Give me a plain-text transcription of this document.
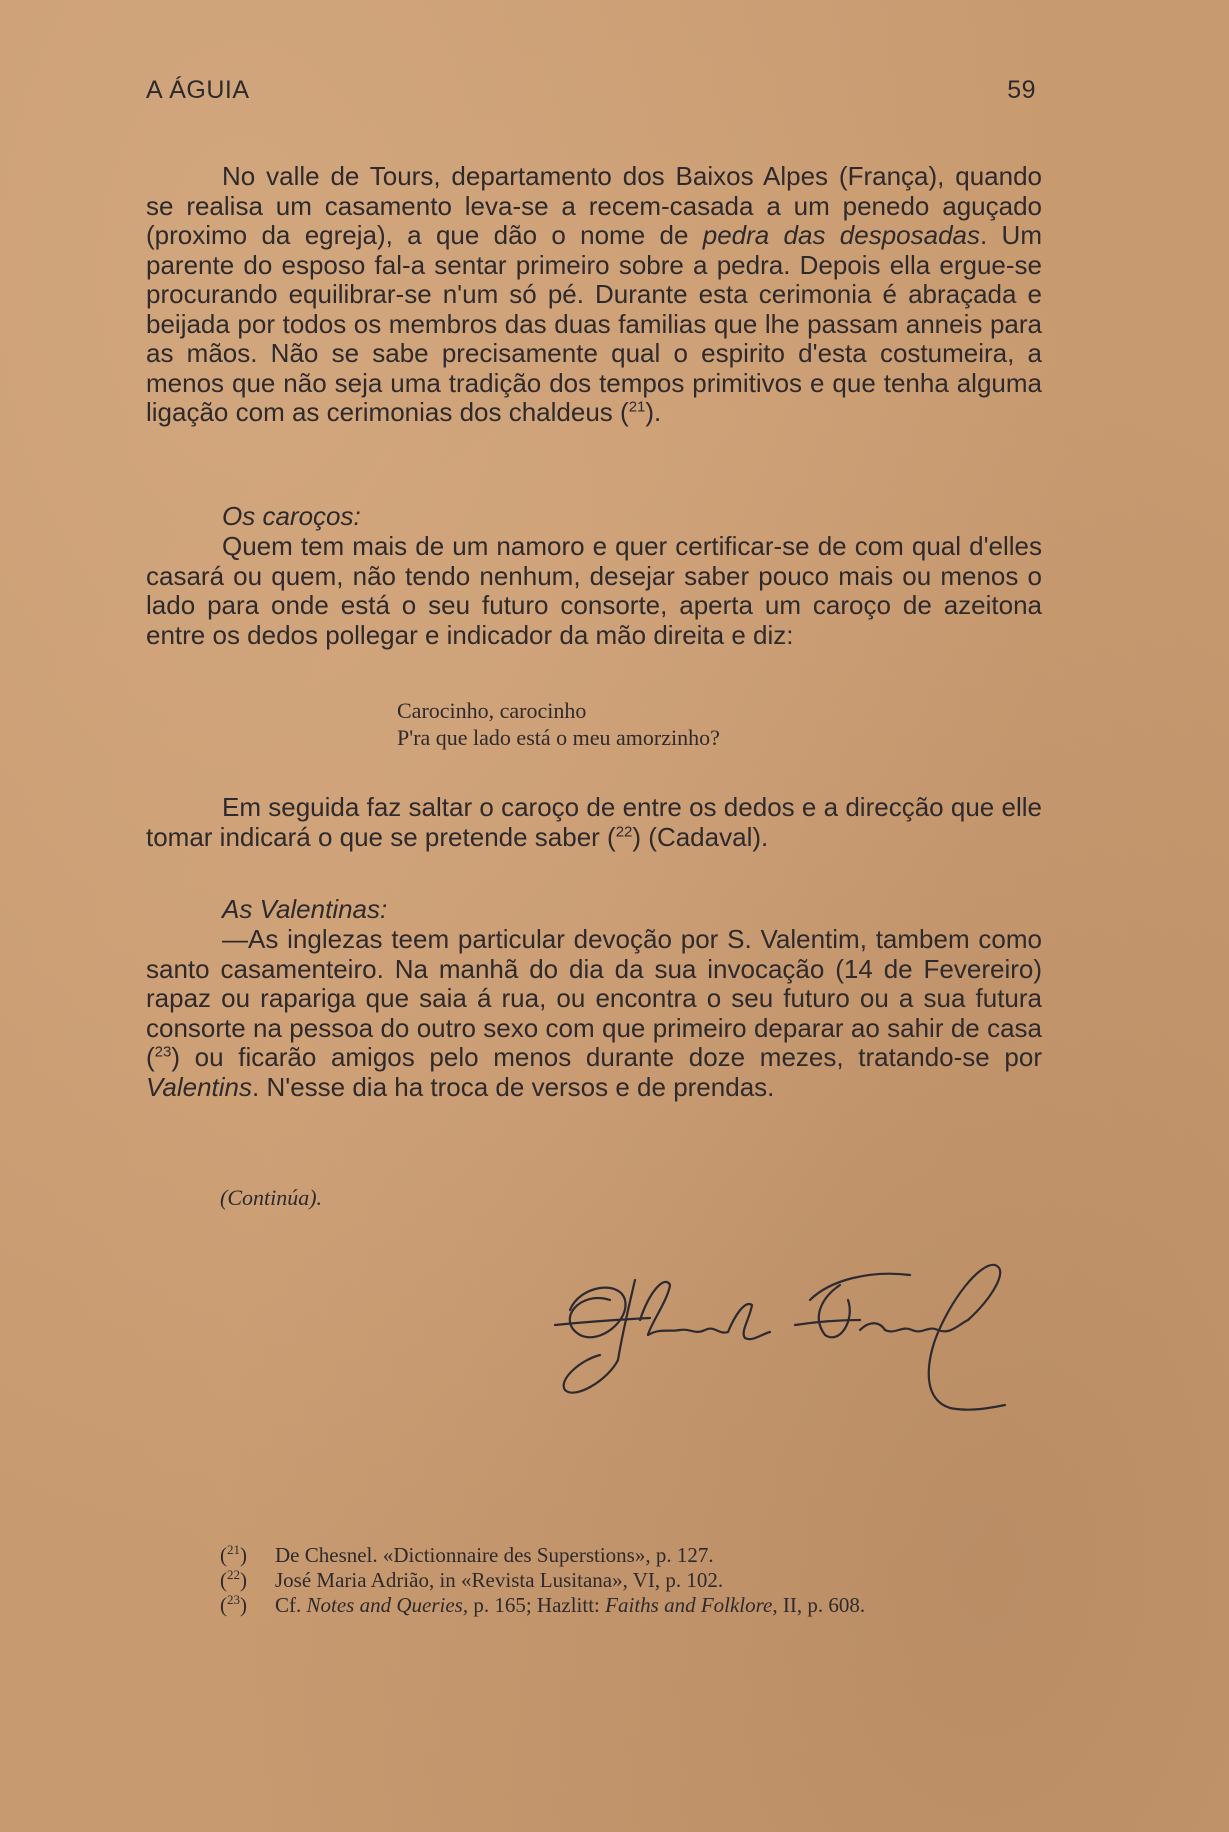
A ÁGUIA	59

No valle de Tours, departamento dos Baixos Alpes (França), quando se realisa um casamento leva-se a recem-casada a um penedo aguçado (proximo da egreja), a que dão o nome de pedra das desposadas. Um parente do esposo fal-a sentar primeiro sobre a pedra. Depois ella ergue-se procurando equilibrar-se n'um só pé. Durante esta cerimonia é abraçada e beijada por todos os membros das duas familias que lhe passam anneis para as mãos. Não se sabe precisamente qual o espirito d'esta costumeira, a menos que não seja uma tradição dos tempos primitivos e que tenha alguma ligação com as cerimonias dos chaldeus ($^{21}$).

Os caroços:

Quem tem mais de um namoro e quer certificar-se de com qual d'elles casará ou quem, não tendo nenhum, desejar saber pouco mais ou menos o lado para onde está o seu futuro consorte, aperta um caroço de azeitona entre os dedos pollegar e indicador da mão direita e diz:

Carocinho, carocinho
P'ra que lado está o meu amorzinho?

Em seguida faz saltar o caroço de entre os dedos e a direcção que elle tomar indicará o que se pretende saber ($^{22}$) (Cadaval).

As Valentinas:

—As inglezas teem particular devoção por S. Valentim, tambem como santo casamenteiro. Na manhã do dia da sua invocação (14 de Fevereiro) rapaz ou rapariga que saia á rua, ou encontra o seu futuro ou a sua futura consorte na pessoa do outro sexo com que primeiro deparar ao sahir de casa ($^{23}$) ou ficarão amigos pelo menos durante doze mezes, tratando-se por Valentins. N'esse dia ha troca de versos e de prendas.

(Continúa).
Alfredo Faria
($^{21}$)	De Chesnel. «Dictionnaire des Superstions», p. 127.
($^{22}$)	José Maria Adrião, in «Revista Lusitana», VI, p. 102.
($^{23}$)	Cf. Notes and Queries, p. 165; Hazlitt: Faiths and Folklore, II, p. 608.
